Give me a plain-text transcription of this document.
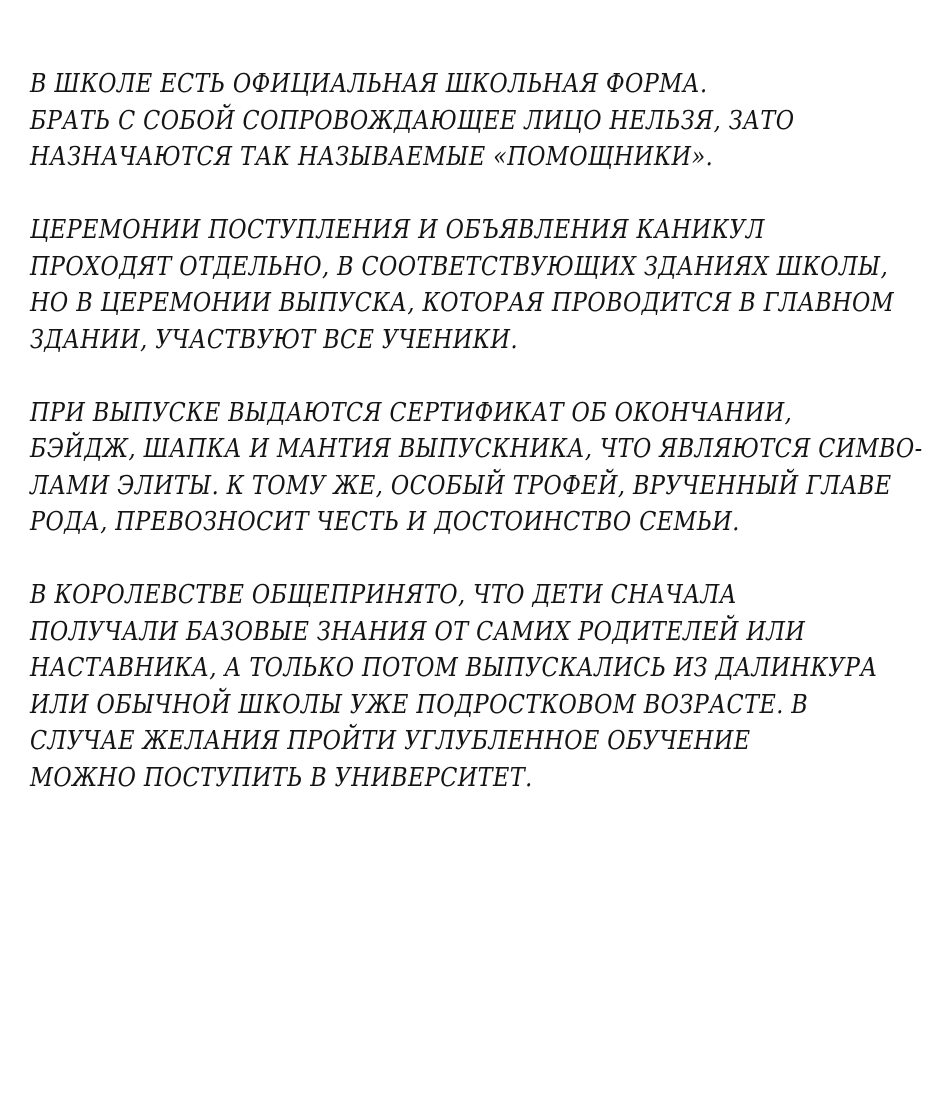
В ШКОЛЕ ЕСТЬ ОФИЦИАЛЬНАЯ ШКОЛЬНАЯ ФОРМА.
БРАТЬ С СОБОЙ СОПРОВОЖДАЮЩЕЕ ЛИЦО НЕЛЬЗЯ, ЗАТО
НАЗНАЧАЮТСЯ ТАК НАЗЫВАЕМЫЕ «ПОМОЩНИКИ».

ЦЕРЕМОНИИ ПОСТУПЛЕНИЯ И ОБЪЯВЛЕНИЯ КАНИКУЛ
ПРОХОДЯТ ОТДЕЛЬНО, В СООТВЕТСТВУЮЩИХ ЗДАНИЯХ ШКОЛЫ,
НО В ЦЕРЕМОНИИ ВЫПУСКА, КОТОРАЯ ПРОВОДИТСЯ В ГЛАВНОМ
ЗДАНИИ, УЧАСТВУЮТ ВСЕ УЧЕНИКИ.

ПРИ ВЫПУСКЕ ВЫДАЮТСЯ СЕРТИФИКАТ ОБ ОКОНЧАНИИ,
БЭЙДЖ, ШАПКА И МАНТИЯ ВЫПУСКНИКА, ЧТО ЯВЛЯЮТСЯ СИМВО-
ЛАМИ ЭЛИТЫ. К ТОМУ ЖЕ, ОСОБЫЙ ТРОФЕЙ, ВРУЧЕННЫЙ ГЛАВЕ
РОДА, ПРЕВОЗНОСИТ ЧЕСТЬ И ДОСТОИНСТВО СЕМЬИ.

В КОРОЛЕВСТВЕ ОБЩЕПРИНЯТО, ЧТО ДЕТИ СНАЧАЛА
ПОЛУЧАЛИ БАЗОВЫЕ ЗНАНИЯ ОТ САМИХ РОДИТЕЛЕЙ ИЛИ
НАСТАВНИКА, А ТОЛЬКО ПОТОМ ВЫПУСКАЛИСЬ ИЗ ДАЛИНКУРА
ИЛИ ОБЫЧНОЙ ШКОЛЫ УЖЕ ПОДРОСТКОВОМ ВОЗРАСТЕ. В
СЛУЧАЕ ЖЕЛАНИЯ ПРОЙТИ УГЛУБЛЕННОЕ ОБУЧЕНИЕ
МОЖНО ПОСТУПИТЬ В УНИВЕРСИТЕТ.
